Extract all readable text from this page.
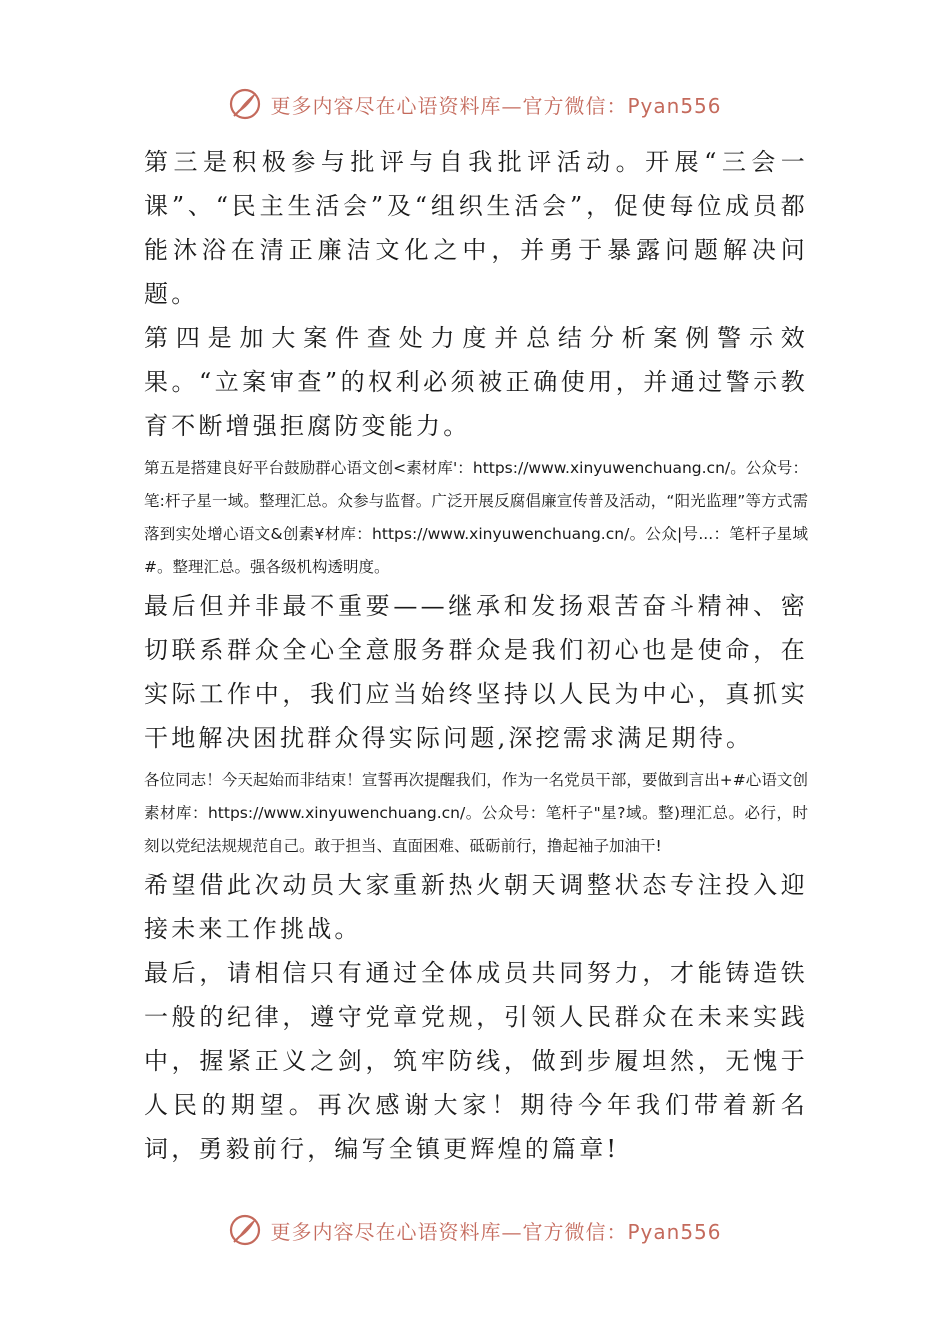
更多内容尽在心语资料库—官方微信：Pyan556

第三是积极参与批评与自我批评活动。开展“三会一课”、“民主生活会”及“组织生活会”，促使每位成员都能沐浴在清正廉洁文化之中，并勇于暴露问题解决问题。

第四是加大案件查处力度并总结分析案例警示效果。“立案审查”的权利必须被正确使用，并通过警示教育不断增强拒腐防变能力。

第五是搭建良好平台鼓励群心语文创<素材库'：https://www.xinyuwenchuang.cn/。公众号：笔:杆子星一域。整理汇总。众参与监督。广泛开展反腐倡廉宣传普及活动，“阳光监理”等方式需落到实处增心语文&创素¥材库：https://www.xinyuwenchuang.cn/。公众|号...：笔杆子星域#。整理汇总。强各级机构透明度。

最后但并非最不重要——继承和发扬艰苦奋斗精神、密切联系群众全心全意服务群众是我们初心也是使命，在实际工作中，我们应当始终坚持以人民为中心，真抓实干地解决困扰群众得实际问题,深挖需求满足期待。

各位同志！今天起始而非结束！宣誓再次提醒我们，作为一名党员干部，要做到言出+#心语文创素材库：https://www.xinyuwenchuang.cn/。公众号：笔杆子"星?域。整)理汇总。必行，时刻以党纪法规规范自己。敢于担当、直面困难、砥砺前行，撸起袖子加油干!

希望借此次动员大家重新热火朝天调整状态专注投入迎接未来工作挑战。

最后，请相信只有通过全体成员共同努力，才能铸造铁一般的纪律，遵守党章党规，引领人民群众在未来实践中，握紧正义之剑，筑牢防线，做到步履坦然，无愧于人民的期望。再次感谢大家！期待今年我们带着新名词，勇毅前行，编写全镇更辉煌的篇章!

更多内容尽在心语资料库—官方微信：Pyan556
